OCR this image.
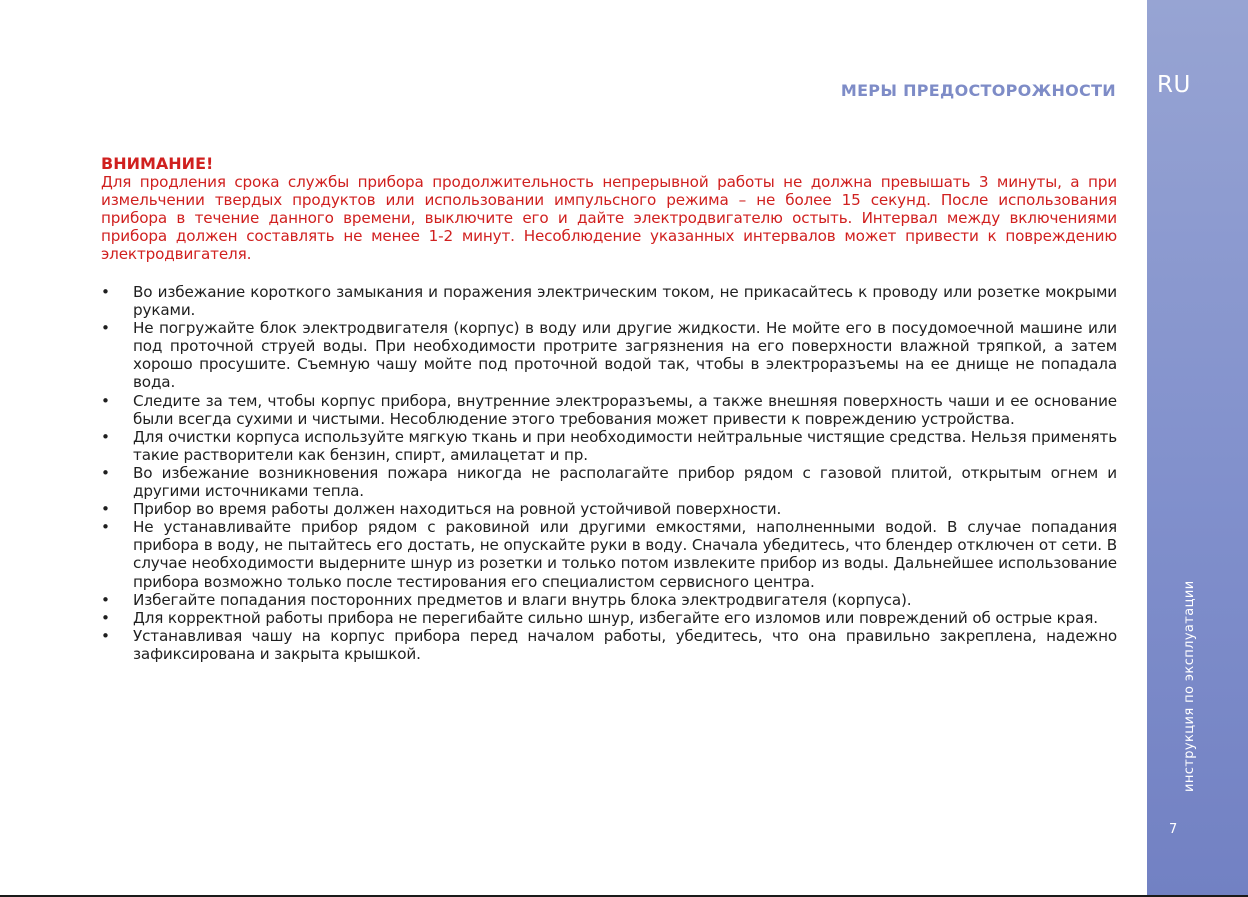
МЕРЫ ПРЕДОСТОРОЖНОСТИ

ВНИМАНИЕ!

Для продления срока службы прибора продолжительность непрерывной работы не должна превышать 3 минуты, а при измельчении твердых продуктов или использовании импульсного режима – не более 15 секунд. После использования прибора в течение данного времени, выключите его и дайте электродвигателю остыть. Интервал между включениями прибора должен составлять не менее 1-2 минут. Несоблюдение указанных интервалов может привести к повреждению электродвигателя.

• Во избежание короткого замыкания и поражения электрическим током, не прикасайтесь к проводу или розетке мокрыми руками.
• Не погружайте блок электродвигателя (корпус) в воду или другие жидкости. Не мойте его в посудомоечной машине или под проточной струей воды. При необходимости протрите загрязнения на его поверхности влажной тряпкой, а затем хорошо просушите. Съемную чашу мойте под проточной водой так, чтобы в электроразъемы на ее днище не попадала вода.
• Следите за тем, чтобы корпус прибора, внутренние электроразъемы, а также внешняя поверхность чаши и ее основание были всегда сухими и чистыми. Несоблюдение этого требования может привести к повреждению устройства.
• Для очистки корпуса используйте мягкую ткань и при необходимости нейтральные чистящие средства. Нельзя применять такие растворители как бензин, спирт, амилацетат и пр.
• Во избежание возникновения пожара никогда не располагайте прибор рядом с газовой плитой, открытым огнем и другими источниками тепла.
• Прибор во время работы должен находиться на ровной устойчивой поверхности.
• Не устанавливайте прибор рядом с раковиной или другими емкостями, наполненными водой. В случае попадания прибора в воду, не пытайтесь его достать, не опускайте руки в воду. Сначала убедитесь, что блендер отключен от сети. В случае необходимости выдерните шнур из розетки и только потом извлеките прибор из воды. Дальнейшее использование прибора возможно только после тестирования его специалистом сервисного центра.
• Избегайте попадания посторонних предметов и влаги внутрь блока электродвигателя (корпуса).
• Для корректной работы прибора не перегибайте сильно шнур, избегайте его изломов или повреждений об острые края.
• Устанавливая чашу на корпус прибора перед началом работы, убедитесь, что она правильно закреплена, надежно зафиксирована и закрыта крышкой.
RU
инструкция по эксплуатации
7
